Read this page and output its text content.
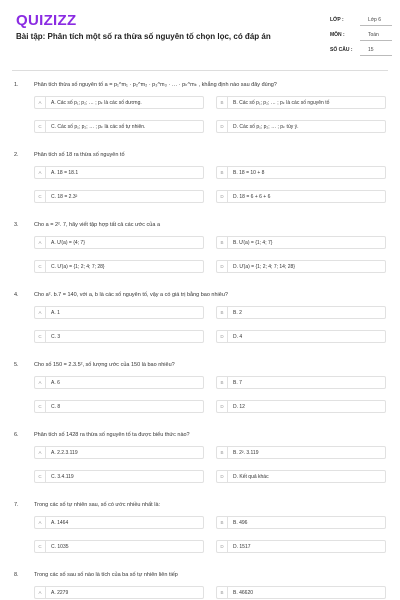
QUIZIZZ
Bài tập: Phân tích một số ra thừa số nguyên tố chọn lọc, có đáp án
LỚP :	Lớp 6
MÔN :	Toán
SỐ CÂU :	15
1.	Phân tích thừa số nguyên tố a = p₁^m₁ · p₂^m₂ · p₃^m₃ · … · pₖ^mₖ , khẳng định nào sau đây đúng?
A	A. Các số p₁; p₂; … ; pₖ là các số dương.	B	B. Các số p₁; p₂; … ; pₖ là các số nguyên tố
C	C. Các số p₁; p₂; … ; pₖ là các số tự nhiên.	D	D. Các số p₁; p₂; … ; pₖ tùy ý.
2.	Phân tích số 18 ra thừa số nguyên tố
A	A. 18 = 18.1	B	B. 18 = 10 + 8
C	C. 18 = 2.3²	D	D. 18 = 6 + 6 + 6
3.	Cho a = 2². 7, hãy viết tập hợp tất cả các ước của a
A	A. Ư(a) = {4; 7}	B	B. Ư(a) = {1; 4; 7}
C	C. Ư(a) = {1; 2; 4; 7; 28}	D	D. Ư(a) = {1; 2; 4; 7; 14; 28}
4.	Cho a². b.7 = 140, với a, b là các số nguyên tố, vậy a có giá trị bằng bao nhiêu?
A	A. 1	B	B. 2
C	C. 3	D	D. 4
5.	Cho số 150 = 2.3.5², số lượng ước của 150 là bao nhiêu?
A	A. 6	B	B. 7
C	C. 8	D	D. 12
6.	Phân tích số 1428 ra thừa số nguyên tố ta được biểu thức nào?
A	A. 2.2.3.119	B	B. 2². 3.119
C	C. 3.4.119	D	D. Kết quả khác
7.	Trong các số tự nhiên sau, số có ước nhiều nhất là:
A	A. 1464	B	B. 496
C	C. 1035	D	D. 1517
8.	Trong các số sau số nào là tích của ba số tự nhiên liên tiếp
A	A. 2279	B	B. 46620
